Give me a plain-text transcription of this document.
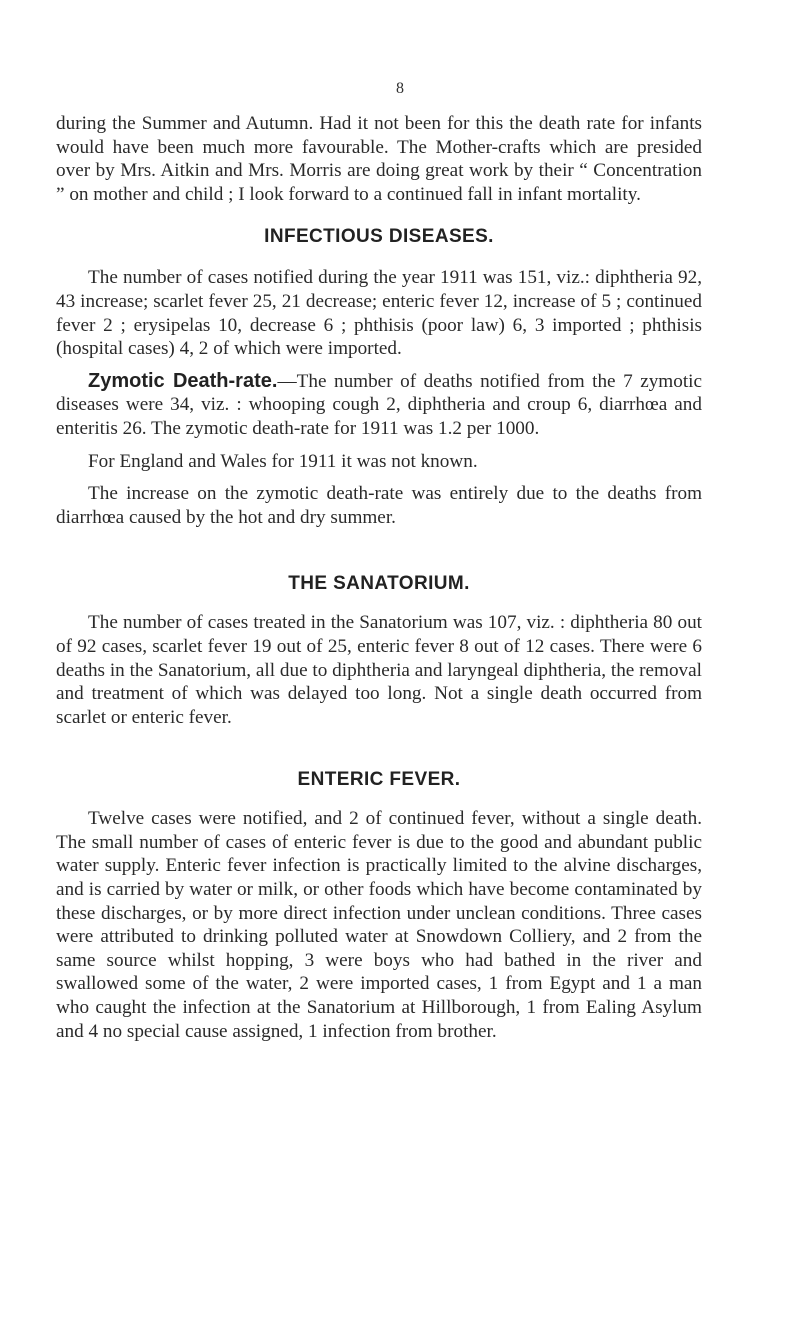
8

during the Summer and Autumn. Had it not been for this the death rate for infants would have been much more favourable. The Mother-crafts which are presided over by Mrs. Aitkin and Mrs. Morris are doing great work by their “ Concentration ” on mother and child ; I look forward to a continued fall in infant mortality.

INFECTIOUS DISEASES.

The number of cases notified during the year 1911 was 151, viz.: diphtheria 92, 43 increase; scarlet fever 25, 21 decrease; enteric fever 12, increase of 5 ; continued fever 2 ; erysipelas 10, decrease 6 ; phthisis (poor law) 6, 3 imported ; phthisis (hospital cases) 4, 2 of which were imported.

Zymotic Death-rate.—The number of deaths notified from the 7 zymotic diseases were 34, viz. : whooping cough 2, diphtheria and croup 6, diarrhœa and enteritis 26. The zymotic death-rate for 1911 was 1.2 per 1000.

For England and Wales for 1911 it was not known.

The increase on the zymotic death-rate was entirely due to the deaths from diarrhœa caused by the hot and dry summer.

THE SANATORIUM.

The number of cases treated in the Sanatorium was 107, viz. : diphtheria 80 out of 92 cases, scarlet fever 19 out of 25, enteric fever 8 out of 12 cases. There were 6 deaths in the Sanatorium, all due to diphtheria and laryngeal diphtheria, the removal and treatment of which was delayed too long. Not a single death occurred from scarlet or enteric fever.

ENTERIC FEVER.

Twelve cases were notified, and 2 of continued fever, without a single death. The small number of cases of enteric fever is due to the good and abundant public water supply. Enteric fever infection is practically limited to the alvine discharges, and is carried by water or milk, or other foods which have become contaminated by these discharges, or by more direct infection under unclean conditions. Three cases were attributed to drinking polluted water at Snowdown Colliery, and 2 from the same source whilst hopping, 3 were boys who had bathed in the river and swallowed some of the water, 2 were imported cases, 1 from Egypt and 1 a man who caught the infection at the Sanatorium at Hillborough, 1 from Ealing Asylum and 4 no special cause assigned, 1 infection from brother.
